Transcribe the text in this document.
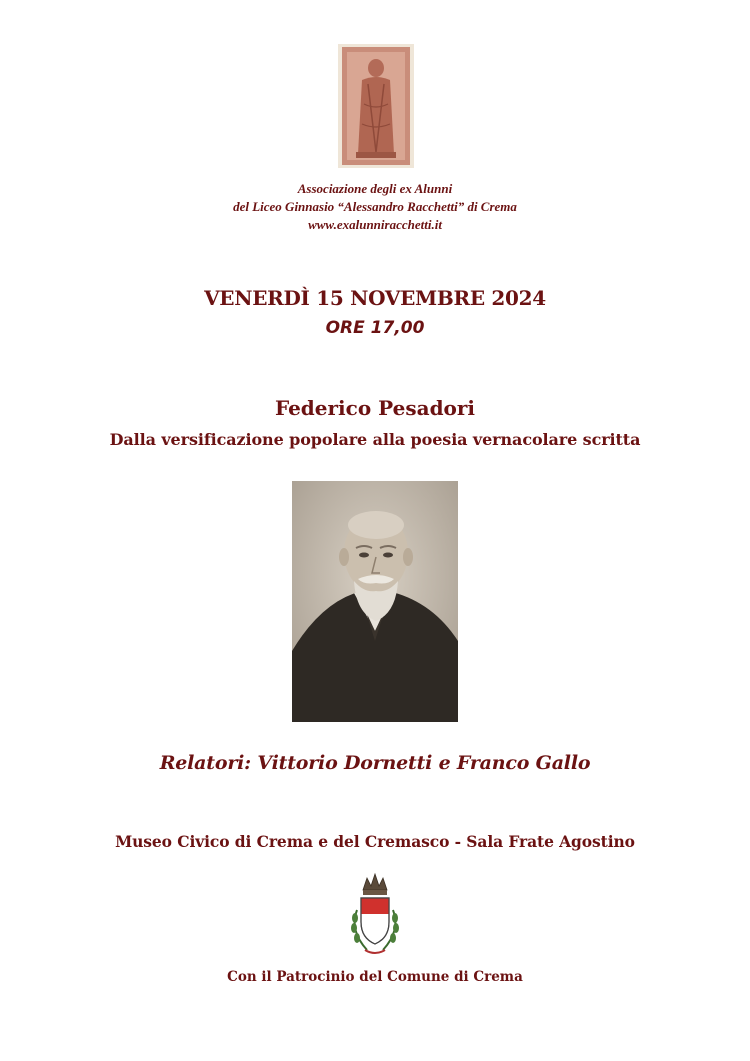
Associazione degli ex Alunni
del Liceo Ginnasio “Alessandro Racchetti” di Crema
www.exalunniracchetti.it
VENERDÌ 15 NOVEMBRE 2024
ORE 17,00
Federico Pesadori
Dalla versificazione popolare alla poesia vernacolare scritta
Relatori: Vittorio Dornetti e Franco Gallo
Museo Civico di Crema e del Cremasco - Sala Frate Agostino
Con il Patrocinio del Comune di Crema
